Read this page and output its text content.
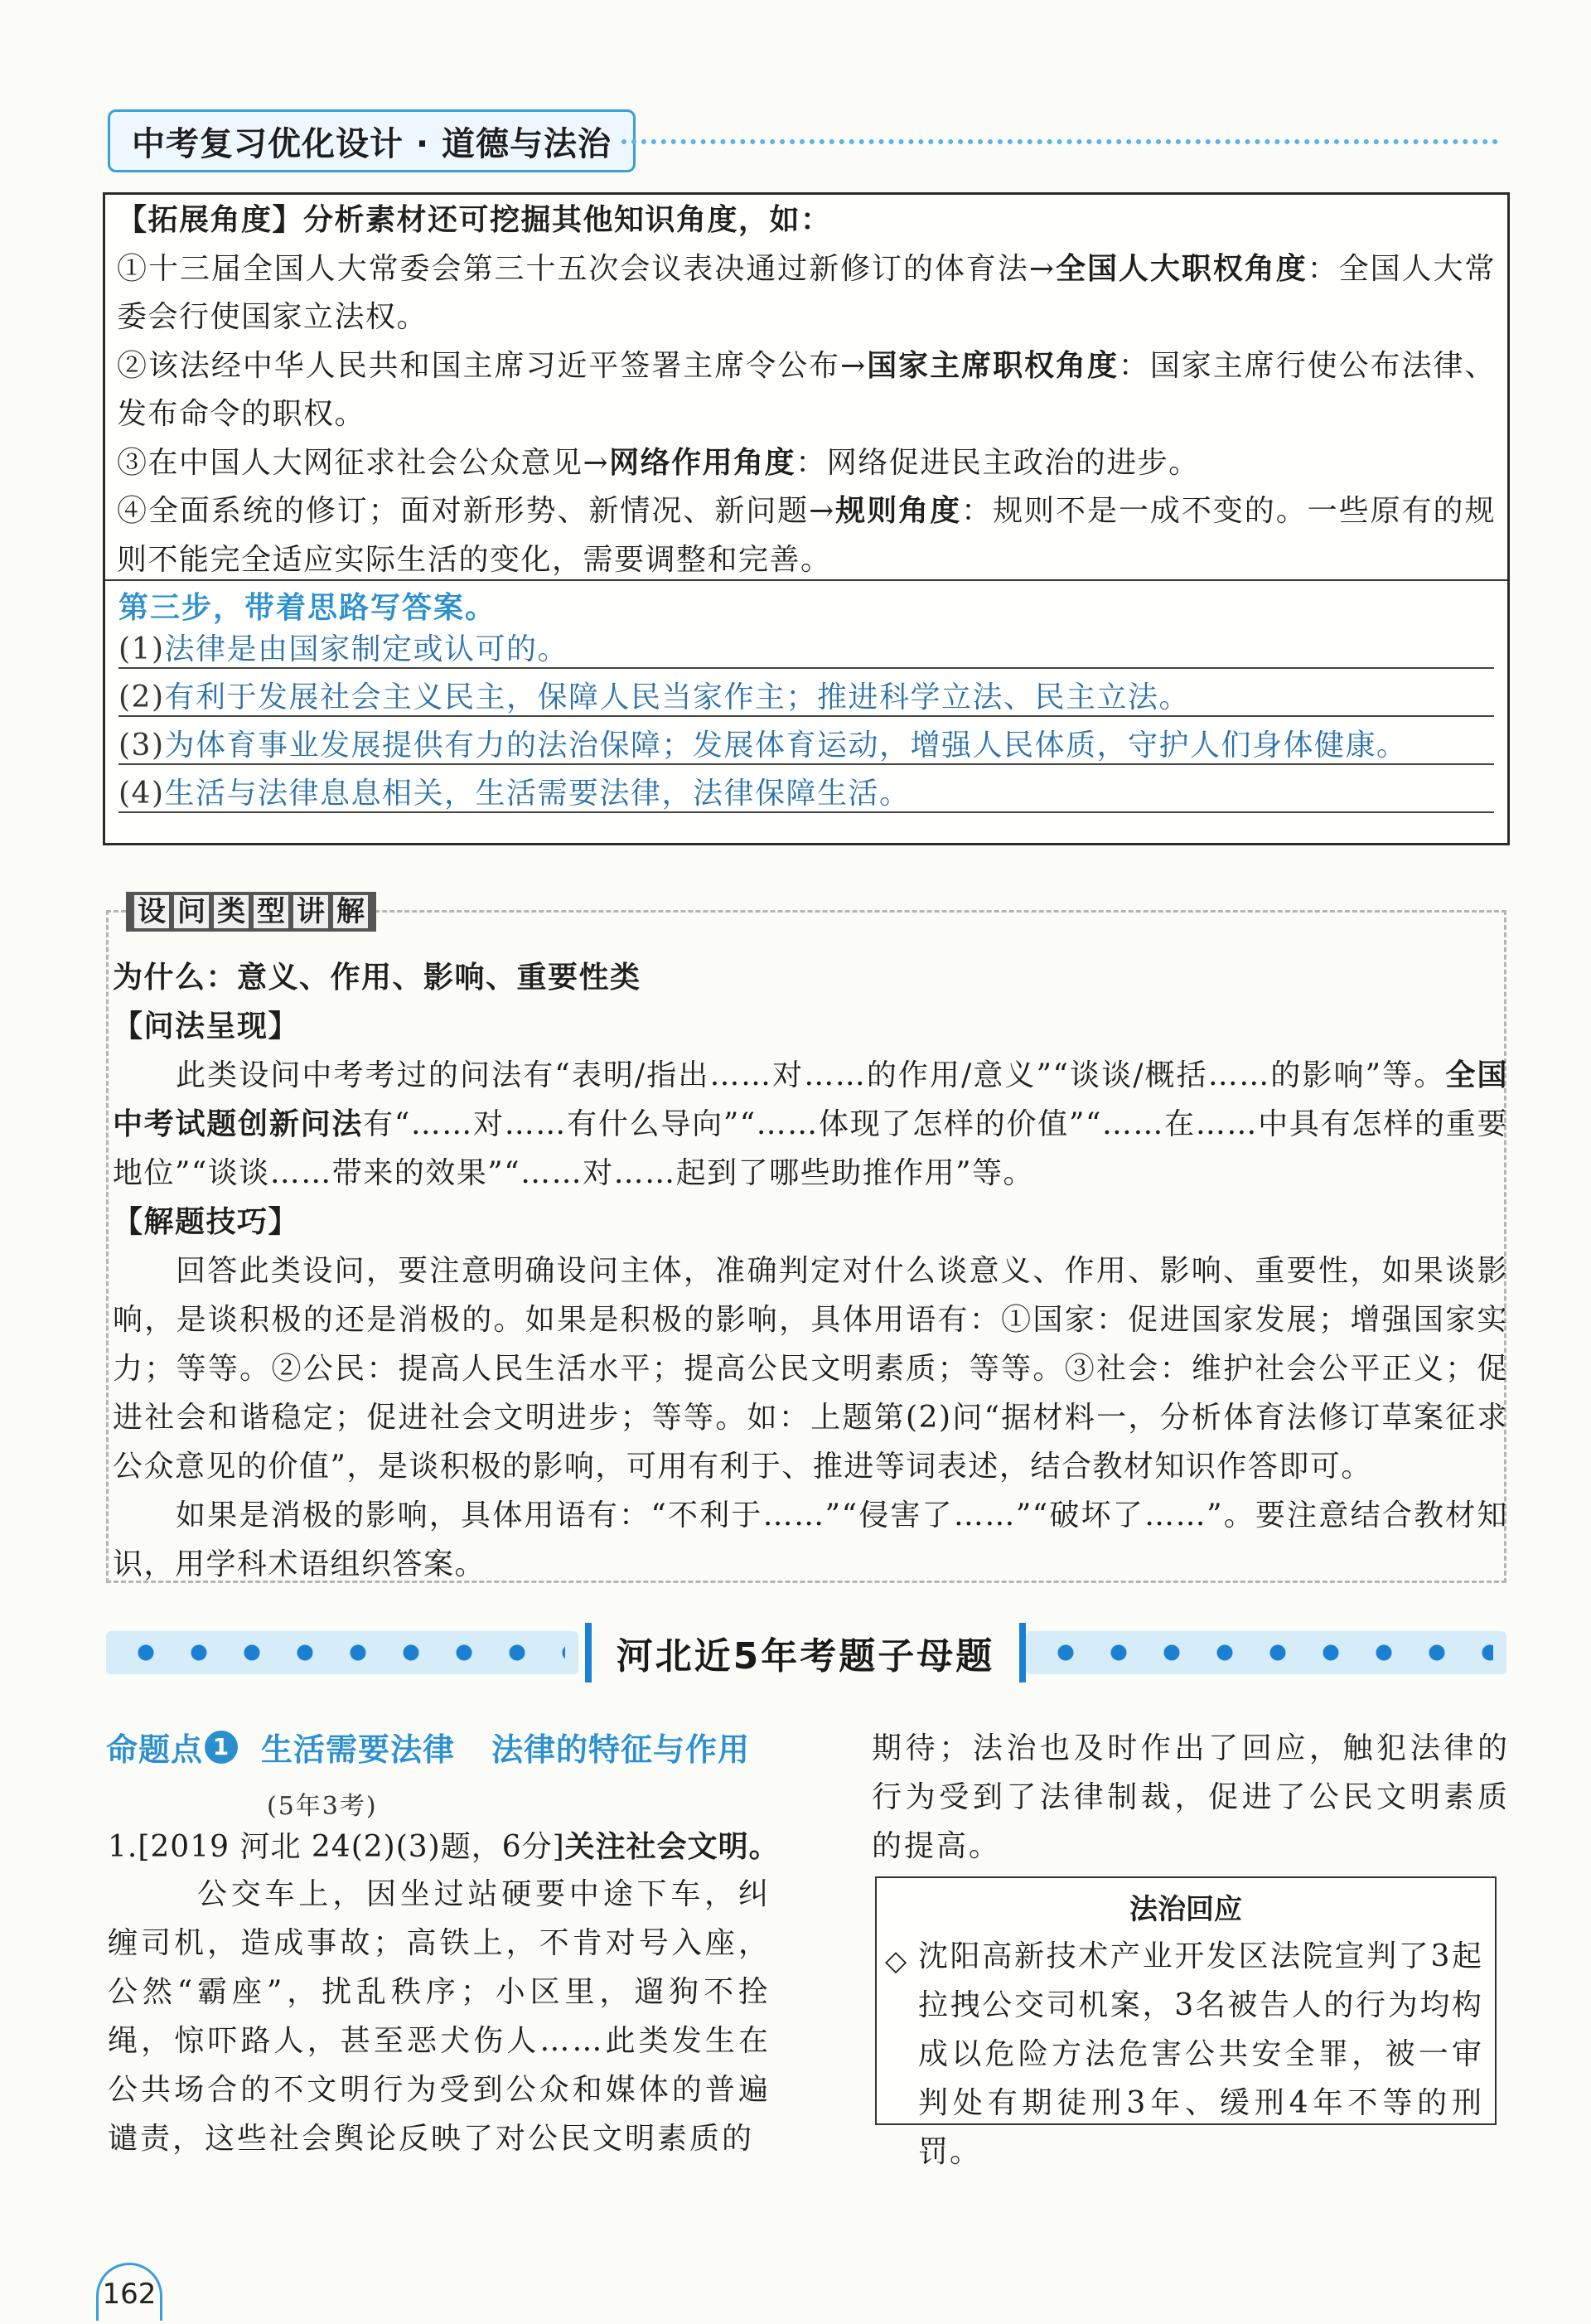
中考复习优化设计 · 道德与法治

【拓展角度】分析素材还可挖掘其他知识角度，如：

①十三届全国人大常委会第三十五次会议表决通过新修订的体育法→全国人大职权角度：全国人大常委会行使国家立法权。

②该法经中华人民共和国主席习近平签署主席令公布→国家主席职权角度：国家主席行使公布法律、发布命令的职权。

③在中国人大网征求社会公众意见→网络作用角度：网络促进民主政治的进步。

④全面系统的修订；面对新形势、新情况、新问题→规则角度：规则不是一成不变的。一些原有的规则不能完全适应实际生活的变化，需要调整和完善。

第三步，带着思路写答案。
(1)法律是由国家制定或认可的。
(2)有利于发展社会主义民主，保障人民当家作主；推进科学立法、民主立法。
(3)为体育事业发展提供有力的法治保障；发展体育运动，增强人民体质，守护人们身体健康。
(4)生活与法律息息相关，生活需要法律，法律保障生活。
设 问 类 型 讲 解

为什么：意义、作用、影响、重要性类

【问法呈现】

此类设问中考考过的问法有“表明/指出……对……的作用/意义”“谈谈/概括……的影响”等。全国中考试题创新问法有“……对……有什么导向”“……体现了怎样的价值”“……在……中具有怎样的重要地位”“谈谈……带来的效果”“……对……起到了哪些助推作用”等。

【解题技巧】

回答此类设问，要注意明确设问主体，准确判定对什么谈意义、作用、影响、重要性，如果谈影响，是谈积极的还是消极的。如果是积极的影响，具体用语有：①国家：促进国家发展；增强国家实力；等等。②公民：提高人民生活水平；提高公民文明素质；等等。③社会：维护社会公平正义；促进社会和谐稳定；促进社会文明进步；等等。如：上题第(2)问“据材料一，分析体育法修订草案征求公众意见的价值”，是谈积极的影响，可用有利于、推进等词表述，结合教材知识作答即可。

如果是消极的影响，具体用语有：“不利于……”“侵害了……”“破坏了……”。要注意结合教材知识，用学科术语组织答案。

河北近5年考题子母题
命题点 1 生活需要法律 法律的特征与作用
(5年3考)
1.[2019 河北 24(2)(3)题，6分]关注社会文明。

公交车上，因坐过站硬要中途下车，纠缠司机，造成事故；高铁上，不肯对号入座，公然“霸座”，扰乱秩序；小区里，遛狗不拴绳，惊吓路人，甚至恶犬伤人……此类发生在公共场合的不文明行为受到公众和媒体的普遍谴责，这些社会舆论反映了对公民文明素质的

期待；法治也及时作出了回应，触犯法律的行为受到了法律制裁，促进了公民文明素质的提高。

法治回应
◇ 沈阳高新技术产业开发区法院宣判了3起拉拽公交司机案，3名被告人的行为均构成以危险方法危害公共安全罪，被一审判处有期徒刑3年、缓刑4年不等的刑罚。
162
